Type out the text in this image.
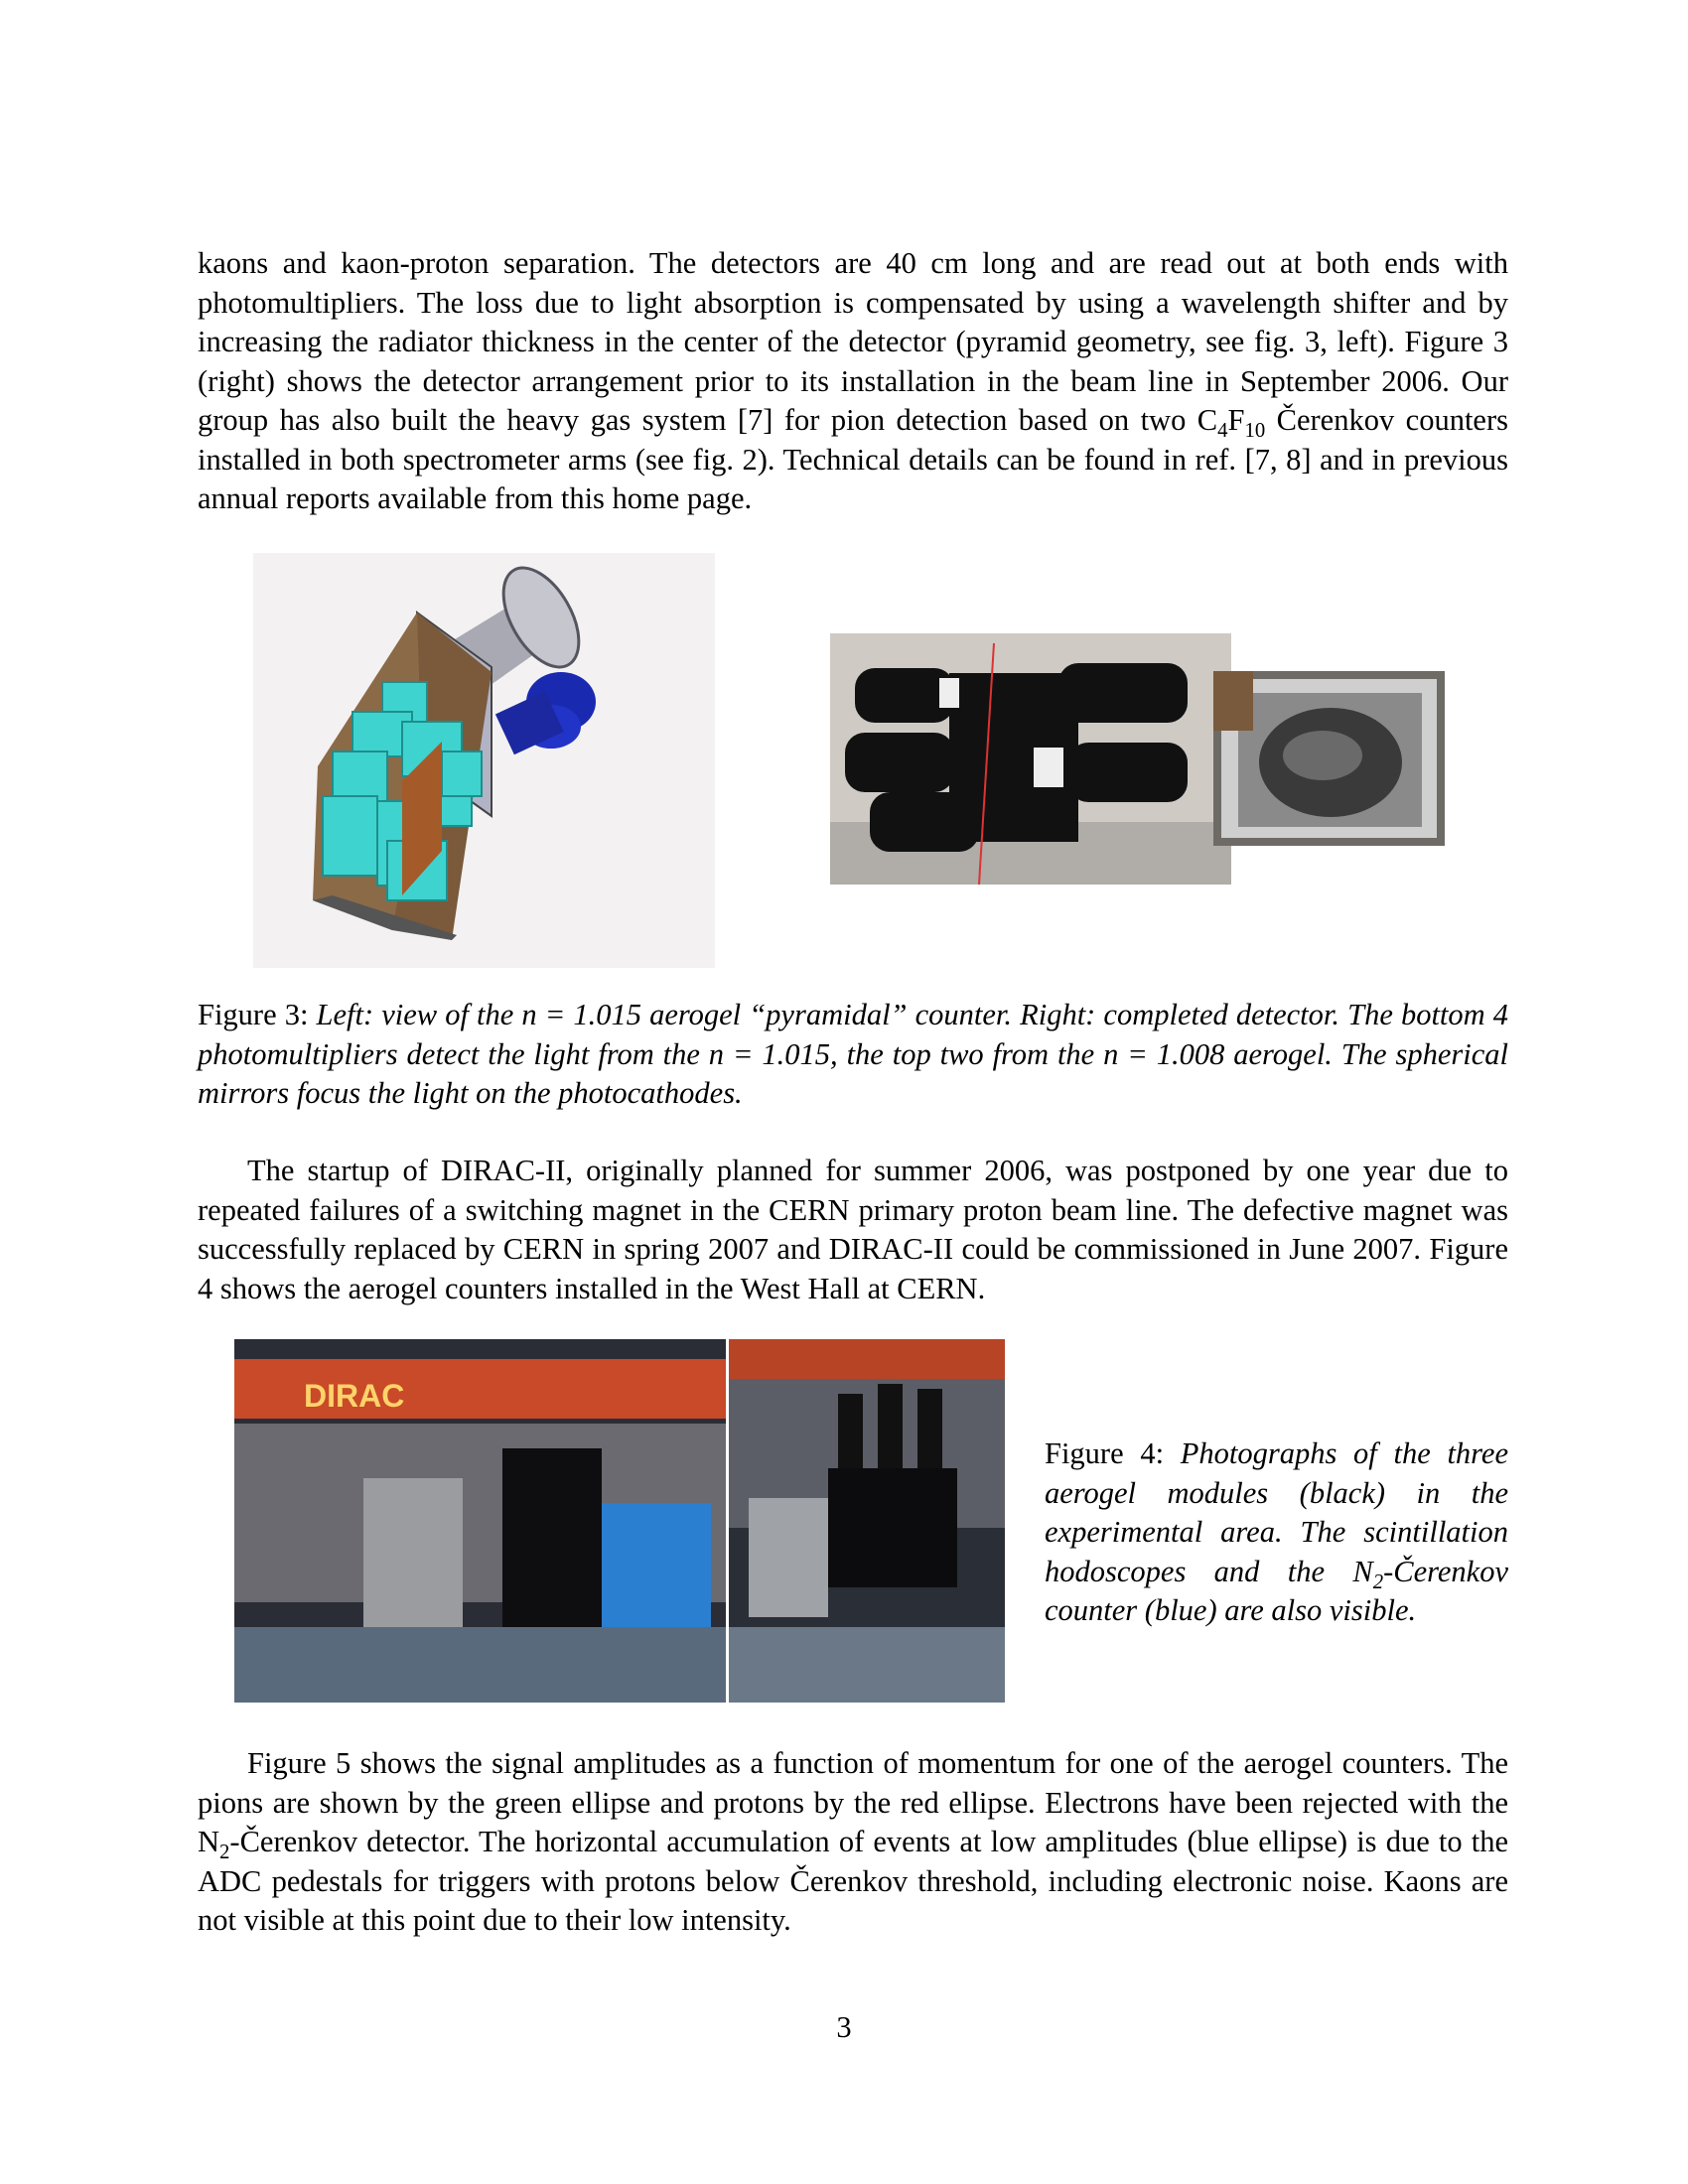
kaons and kaon-proton separation. The detectors are 40 cm long and are read out at both ends with photomultipliers. The loss due to light absorption is compensated by using a wavelength shifter and by increasing the radiator thickness in the center of the detector (pyramid geometry, see fig. 3, left). Figure 3 (right) shows the detector arrangement prior to its installation in the beam line in September 2006. Our group has also built the heavy gas system [7] for pion detection based on two $C_4F_{10}$ Čerenkov counters installed in both spectrometer arms (see fig. 2). Technical details can be found in ref. [7, 8] and in previous annual reports available from this home page.

Figure 3: Left: view of the n = 1.015 aerogel “pyramidal” counter. Right: completed detector. The bottom 4 photomultipliers detect the light from the n = 1.015, the top two from the n = 1.008 aerogel. The spherical mirrors focus the light on the photocathodes.

The startup of DIRAC-II, originally planned for summer 2006, was postponed by one year due to repeated failures of a switching magnet in the CERN primary proton beam line. The defective magnet was successfully replaced by CERN in spring 2007 and DIRAC-II could be commissioned in June 2007. Figure 4 shows the aerogel counters installed in the West Hall at CERN.

DIRAC

Figure 4: Photographs of the three aerogel modules (black) in the experimental area. The scintillation hodoscopes and the $N_2$-Čerenkov counter (blue) are also visible.

Figure 5 shows the signal amplitudes as a function of momentum for one of the aerogel counters. The pions are shown by the green ellipse and protons by the red ellipse. Electrons have been rejected with the $N_2$-Čerenkov detector. The horizontal accumulation of events at low amplitudes (blue ellipse) is due to the ADC pedestals for triggers with protons below Čerenkov threshold, including electronic noise. Kaons are not visible at this point due to their low intensity.

3
